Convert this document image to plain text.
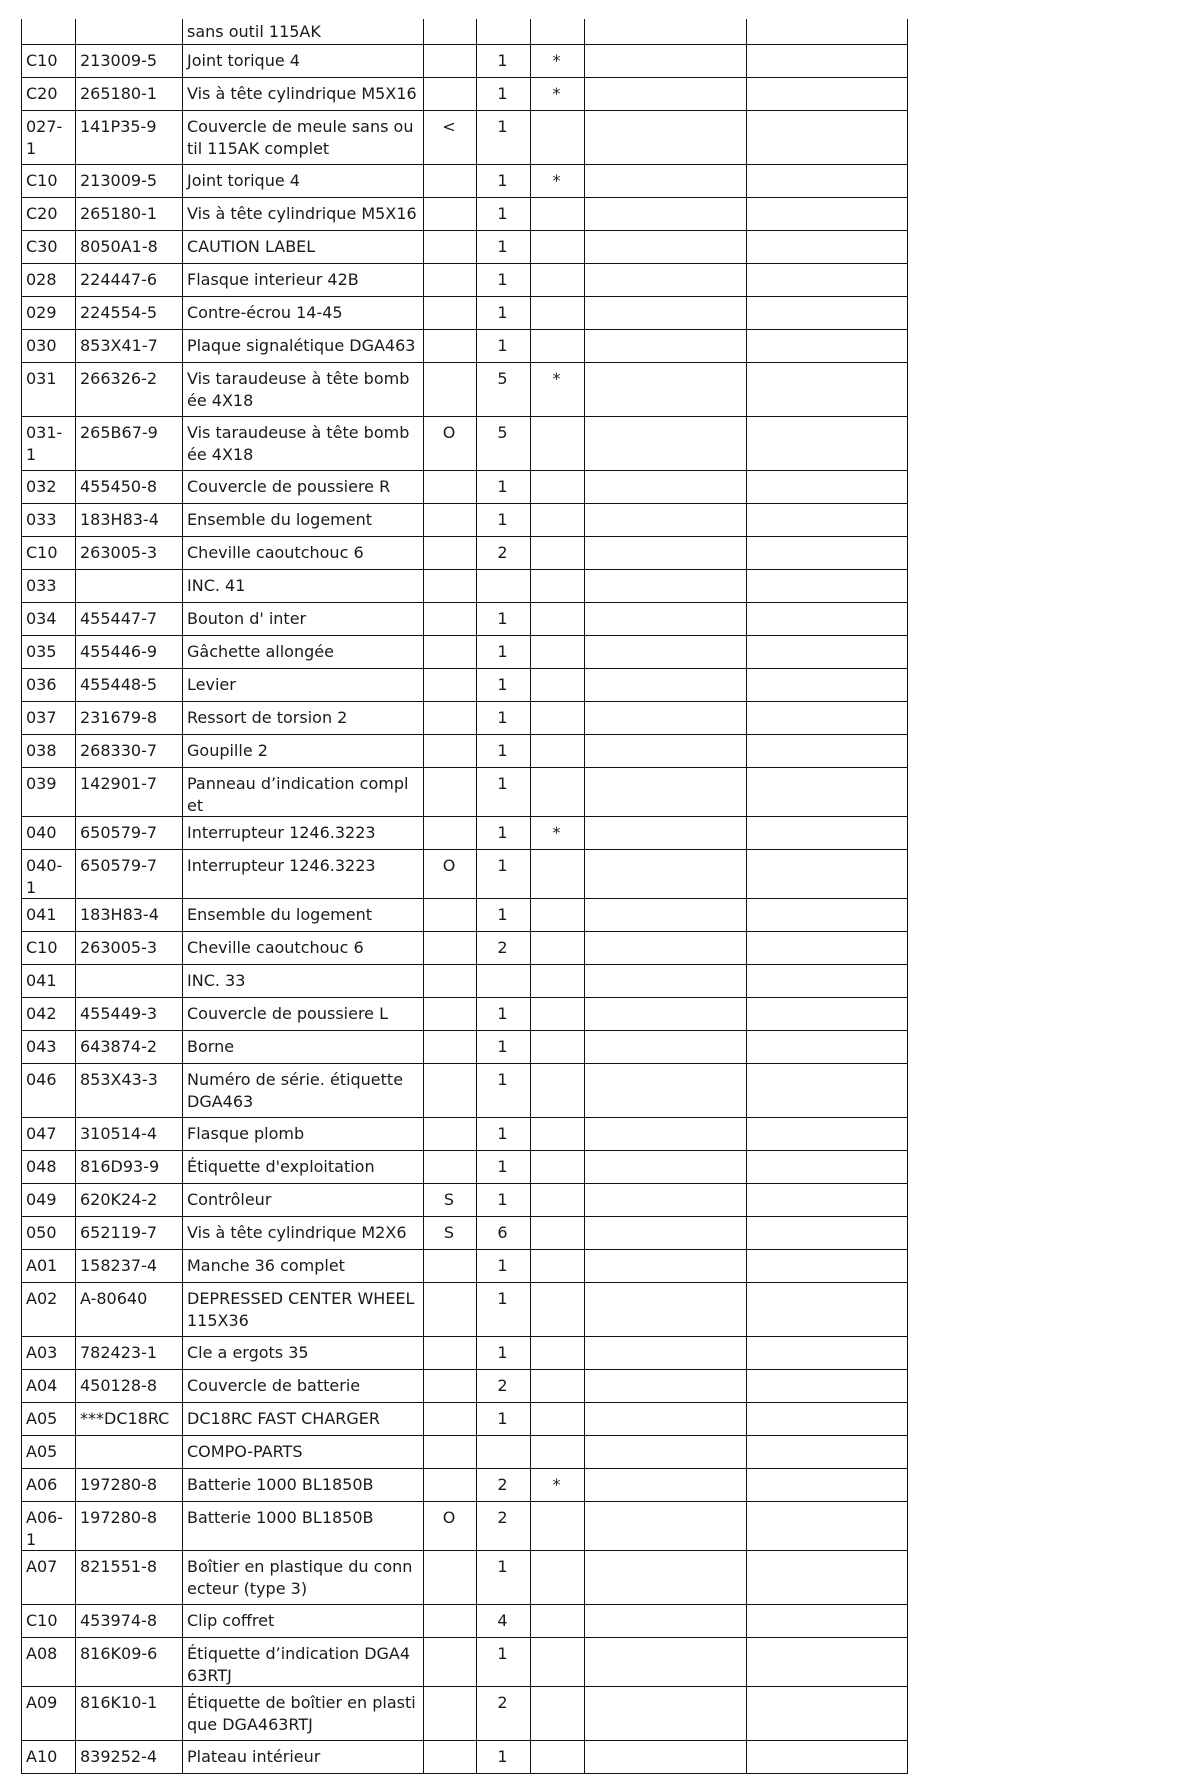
		sans outil 115AK					
C10	213009-5	Joint torique 4		1	*		
C20	265180-1	Vis à tête cylindrique M5X16		1	*		
027-1	141P35-9	Couvercle de meule sans outil 115AK complet	<	1			
C10	213009-5	Joint torique 4		1	*		
C20	265180-1	Vis à tête cylindrique M5X16		1			
C30	8050A1-8	CAUTION LABEL		1			
028	224447-6	Flasque interieur 42B		1			
029	224554-5	Contre-écrou 14-45		1			
030	853X41-7	Plaque signalétique DGA463		1			
031	266326-2	Vis taraudeuse à tête bombée 4X18		5	*		
031-1	265B67-9	Vis taraudeuse à tête bombée 4X18	O	5			
032	455450-8	Couvercle de poussiere R		1			
033	183H83-4	Ensemble du logement		1			
C10	263005-3	Cheville caoutchouc 6		2			
033		INC. 41					
034	455447-7	Bouton d' inter		1			
035	455446-9	Gâchette allongée		1			
036	455448-5	Levier		1			
037	231679-8	Ressort de torsion 2		1			
038	268330-7	Goupille 2		1			
039	142901-7	Panneau d’indication complet		1			
040	650579-7	Interrupteur 1246.3223		1	*		
040-1	650579-7	Interrupteur 1246.3223	O	1			
041	183H83-4	Ensemble du logement		1			
C10	263005-3	Cheville caoutchouc 6		2			
041		INC. 33					
042	455449-3	Couvercle de poussiere L		1			
043	643874-2	Borne		1			
046	853X43-3	Numéro de série. étiquette DGA463		1			
047	310514-4	Flasque plomb		1			
048	816D93-9	Étiquette d'exploitation		1			
049	620K24-2	Contrôleur	S	1			
050	652119-7	Vis à tête cylindrique M2X6	S	6			
A01	158237-4	Manche 36 complet		1			
A02	A-80640	DEPRESSED CENTER WHEEL 115X36		1			
A03	782423-1	Cle a ergots 35		1			
A04	450128-8	Couvercle de batterie		2			
A05	***DC18RC	DC18RC FAST CHARGER		1			
A05		COMPO-PARTS					
A06	197280-8	Batterie 1000 BL1850B		2	*		
A06-1	197280-8	Batterie 1000 BL1850B	O	2			
A07	821551-8	Boîtier en plastique du connecteur (type 3)		1			
C10	453974-8	Clip coffret		4			
A08	816K09-6	Étiquette d’indication DGA463RTJ		1			
A09	816K10-1	Étiquette de boîtier en plastique DGA463RTJ		2			
A10	839252-4	Plateau intérieur		1			
